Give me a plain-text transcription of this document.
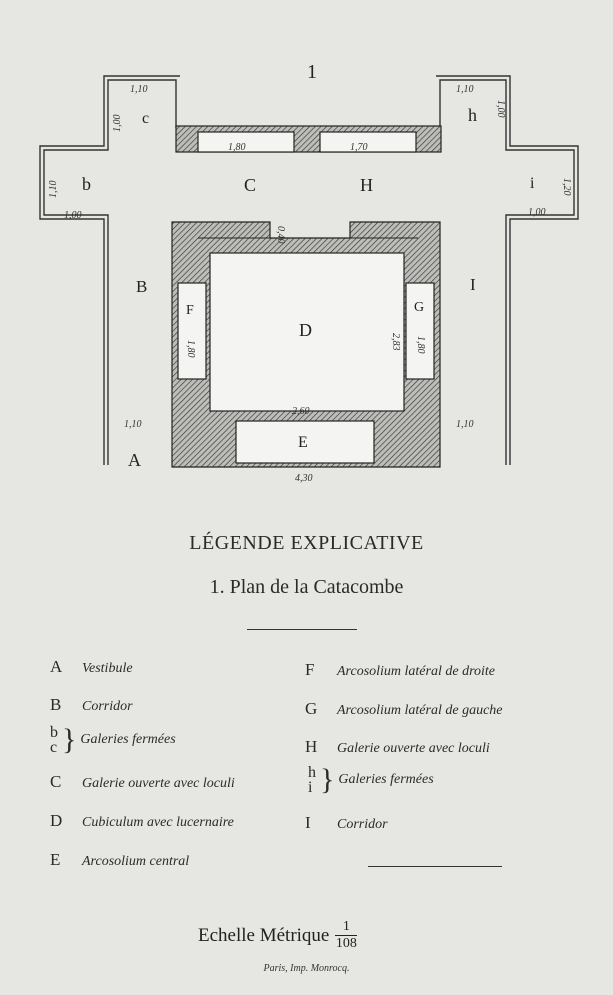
1
c	h
b	i
C	H
B	I
F	G
D
E
A
1,10
1,00
1,10
1,00
1,10
1,00
1,20
1,00
1,80	1,70
0,40
1,80	1,80
2,83
2,60
1,10	1,10
4,30
LÉGENDE EXPLICATIVE
1. Plan de la Catacombe
A	Vestibule
B	Corridor
b
c } Galeries fermées
C	Galerie ouverte avec loculi
D	Cubiculum avec lucernaire
E	Arcosolium central
F	Arcosolium latéral de droite
G	Arcosolium latéral de gauche
H	Galerie ouverte avec loculi
h
i } Galeries fermées
I	Corridor
Echelle Métrique $\frac{1}{108}$
Paris, Imp. Monrocq.
